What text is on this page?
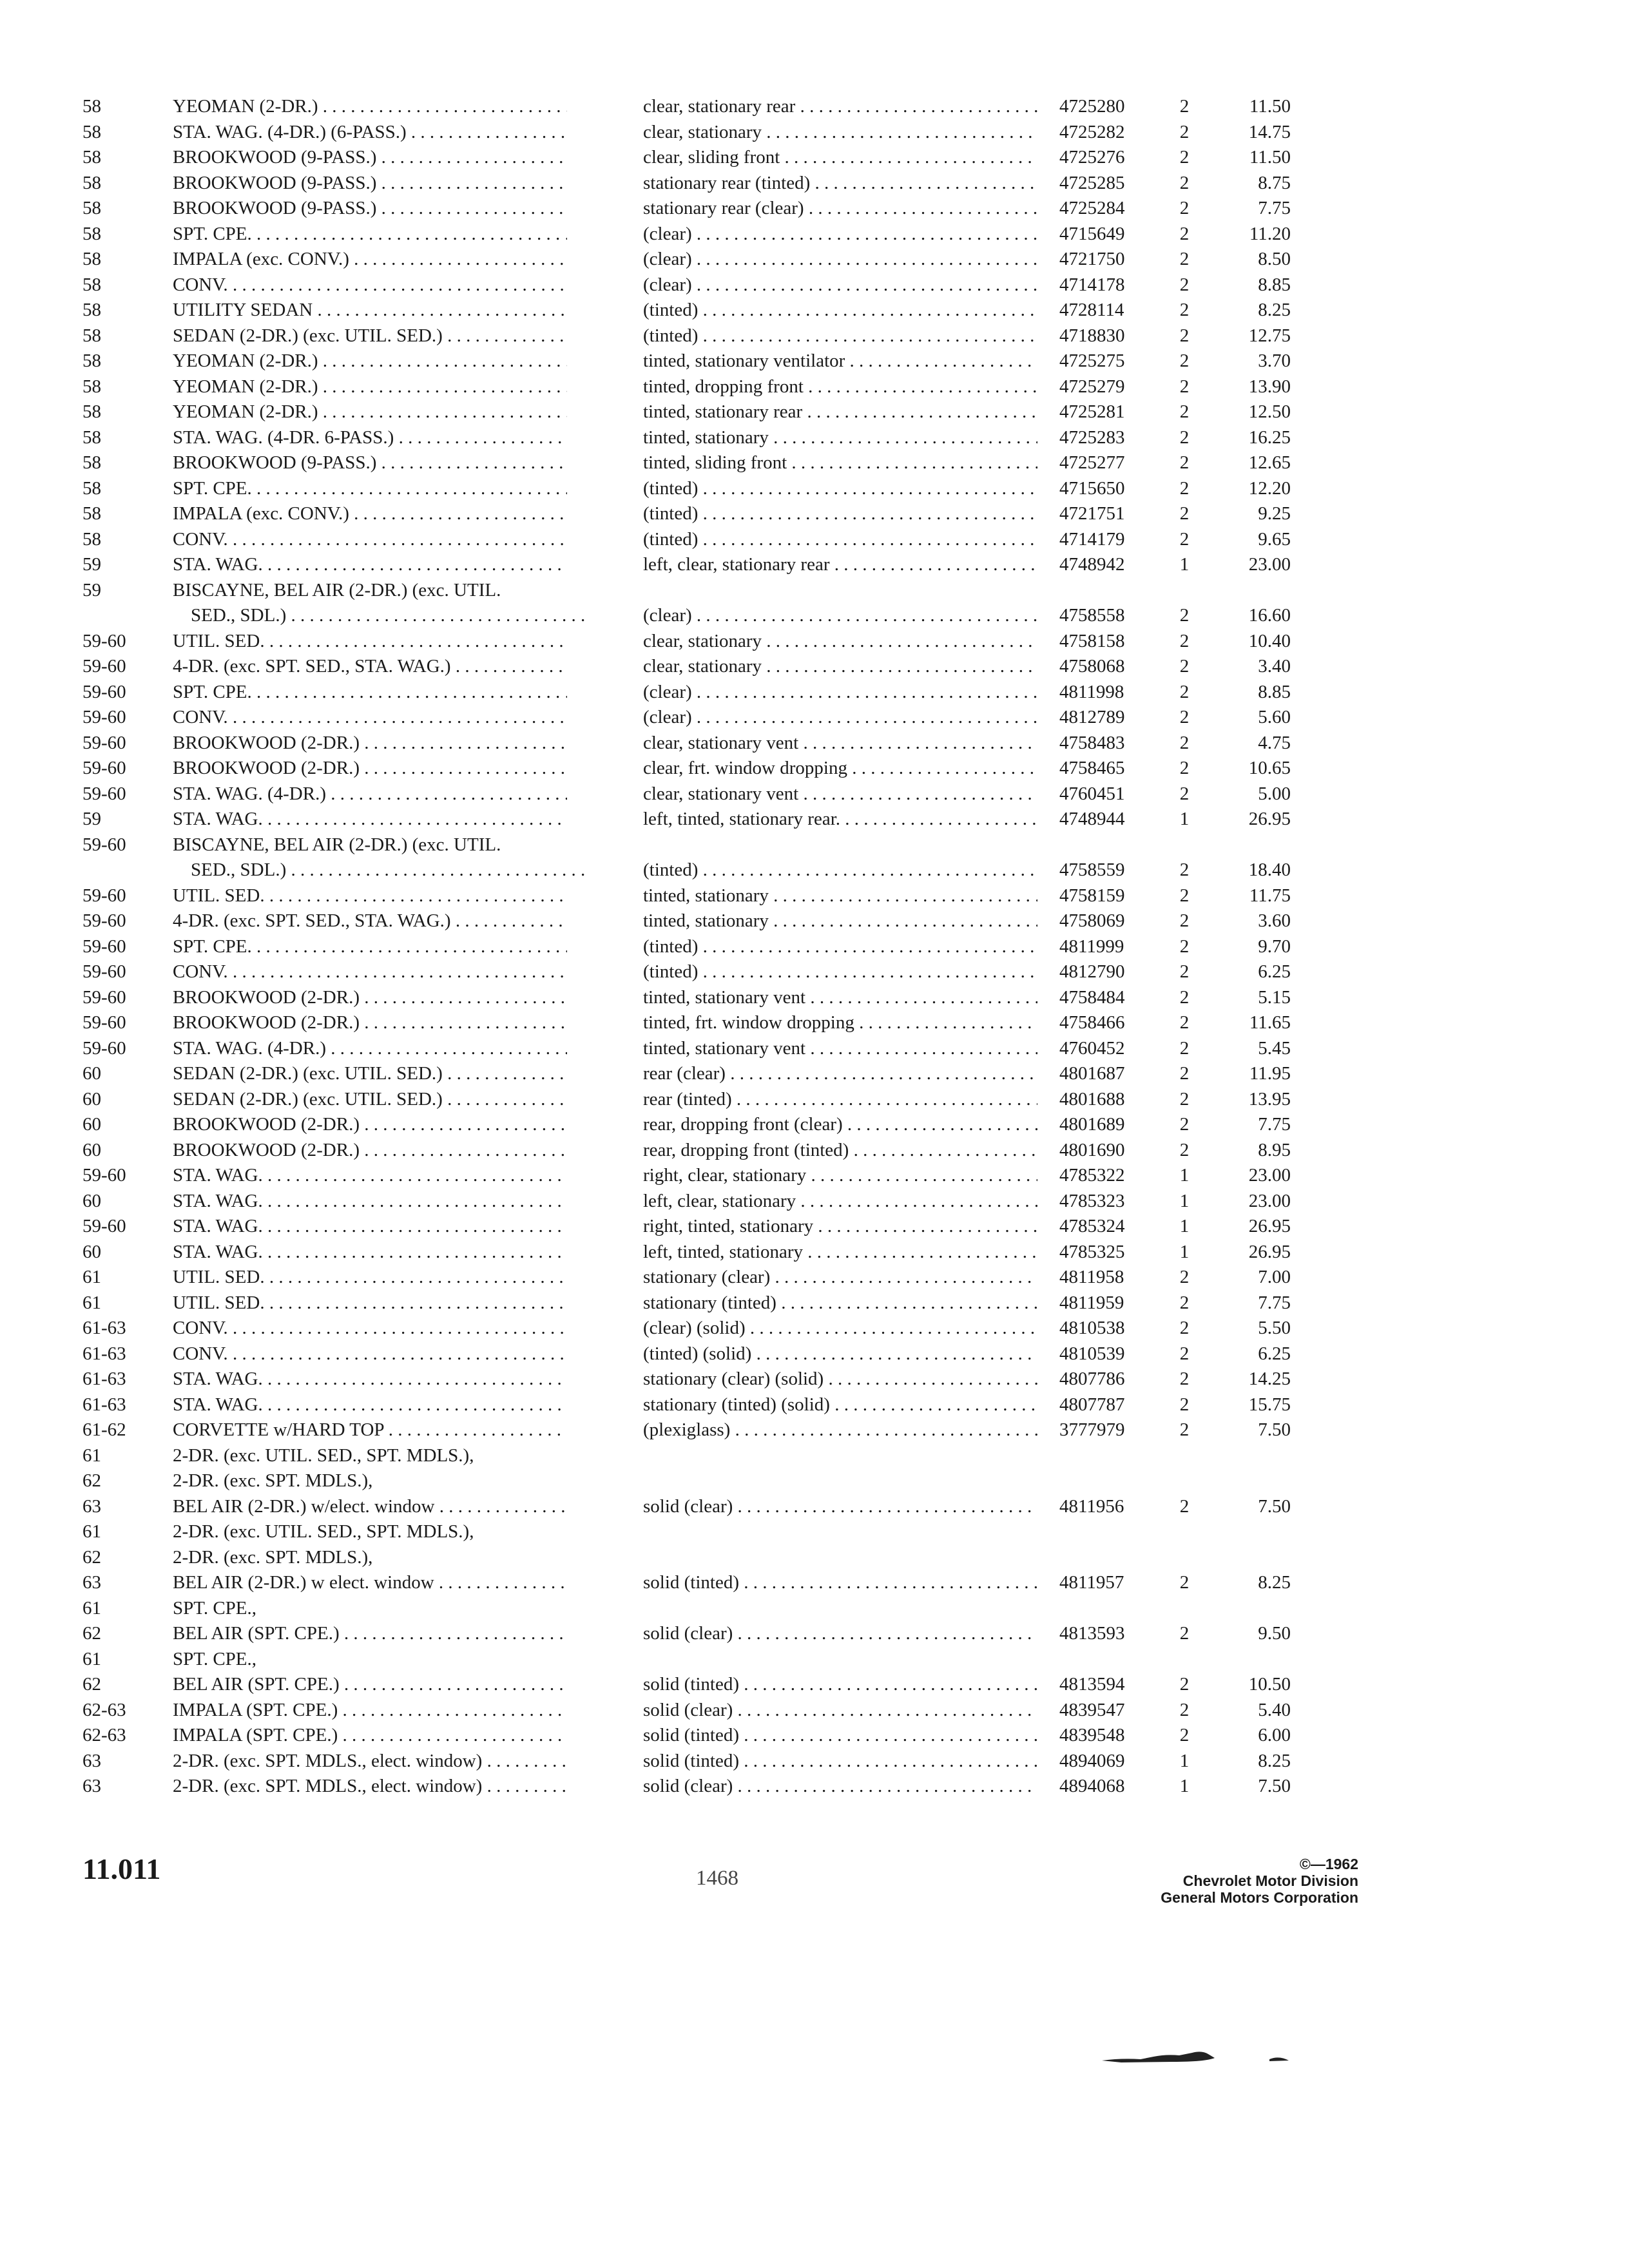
58	YEOMAN (2-DR.) . . .	clear, stationary rear . . .	4725280	2	11.50
58	STA. WAG. (4-DR.) (6-PASS.) . . .	clear, stationary . . .	4725282	2	14.75
58	BROOKWOOD (9-PASS.) . . .	clear, sliding front . . .	4725276	2	11.50
58	BROOKWOOD (9-PASS.) . . .	stationary rear (tinted) . . .	4725285	2	8.75
58	BROOKWOOD (9-PASS.) . . .	stationary rear (clear) . . .	4725284	2	7.75
58	SPT. CPE. . . .	(clear) . . .	4715649	2	11.20
58	IMPALA (exc. CONV.) . . .	(clear) . . .	4721750	2	8.50
58	CONV. . . .	(clear) . . .	4714178	2	8.85
58	UTILITY SEDAN . . .	(tinted) . . .	4728114	2	8.25
58	SEDAN (2-DR.) (exc. UTIL. SED.) . . .	(tinted) . . .	4718830	2	12.75
58	YEOMAN (2-DR.) . . .	tinted, stationary ventilator . . .	4725275	2	3.70
58	YEOMAN (2-DR.) . . .	tinted, dropping front . . .	4725279	2	13.90
58	YEOMAN (2-DR.) . . .	tinted, stationary rear . . .	4725281	2	12.50
58	STA. WAG. (4-DR. 6-PASS.) . . .	tinted, stationary . . .	4725283	2	16.25
58	BROOKWOOD (9-PASS.) . . .	tinted, sliding front . . .	4725277	2	12.65
58	SPT. CPE. . . .	(tinted) . . .	4715650	2	12.20
58	IMPALA (exc. CONV.) . . .	(tinted) . . .	4721751	2	9.25
58	CONV. . . .	(tinted) . . .	4714179	2	9.65
59	STA. WAG. . . .	left, clear, stationary rear . . .	4748942	1	23.00
59	BISCAYNE, BEL AIR (2-DR.) (exc. UTIL.
SED., SDL.) . . .	(clear) . . .	4758558	2	16.60
59-60	UTIL. SED. . . .	clear, stationary . . .	4758158	2	10.40
59-60	4-DR. (exc. SPT. SED., STA. WAG.) . . .	clear, stationary . . .	4758068	2	3.40
59-60	SPT. CPE. . . .	(clear) . . .	4811998	2	8.85
59-60	CONV. . . .	(clear) . . .	4812789	2	5.60
59-60	BROOKWOOD (2-DR.) . . .	clear, stationary vent . . .	4758483	2	4.75
59-60	BROOKWOOD (2-DR.) . . .	clear, frt. window dropping . . .	4758465	2	10.65
59-60	STA. WAG. (4-DR.) . . .	clear, stationary vent . . .	4760451	2	5.00
59	STA. WAG. . . .	left, tinted, stationary rear. . . .	4748944	1	26.95
59-60	BISCAYNE, BEL AIR (2-DR.) (exc. UTIL.
SED., SDL.) . . .	(tinted) . . .	4758559	2	18.40
59-60	UTIL. SED. . . .	tinted, stationary . . .	4758159	2	11.75
59-60	4-DR. (exc. SPT. SED., STA. WAG.) . . .	tinted, stationary . . .	4758069	2	3.60
59-60	SPT. CPE. . . .	(tinted) . . .	4811999	2	9.70
59-60	CONV. . . .	(tinted) . . .	4812790	2	6.25
59-60	BROOKWOOD (2-DR.) . . .	tinted, stationary vent . . .	4758484	2	5.15
59-60	BROOKWOOD (2-DR.) . . .	tinted, frt. window dropping . . .	4758466	2	11.65
59-60	STA. WAG. (4-DR.) . . .	tinted, stationary vent . . .	4760452	2	5.45
60	SEDAN (2-DR.) (exc. UTIL. SED.) . . .	rear (clear) . . .	4801687	2	11.95
60	SEDAN (2-DR.) (exc. UTIL. SED.) . . .	rear (tinted) . . .	4801688	2	13.95
60	BROOKWOOD (2-DR.) . . .	rear, dropping front (clear) . . .	4801689	2	7.75
60	BROOKWOOD (2-DR.) . . .	rear, dropping front (tinted) . . .	4801690	2	8.95
59-60	STA. WAG. . . .	right, clear, stationary . . .	4785322	1	23.00
60	STA. WAG. . . .	left, clear, stationary . . .	4785323	1	23.00
59-60	STA. WAG. . . .	right, tinted, stationary . . .	4785324	1	26.95
60	STA. WAG. . . .	left, tinted, stationary . . .	4785325	1	26.95
61	UTIL. SED. . . .	stationary (clear) . . .	4811958	2	7.00
61	UTIL. SED. . . .	stationary (tinted) . . .	4811959	2	7.75
61-63	CONV. . . .	(clear) (solid) . . .	4810538	2	5.50
61-63	CONV. . . .	(tinted) (solid) . . .	4810539	2	6.25
61-63	STA. WAG. . . .	stationary (clear) (solid) . . .	4807786	2	14.25
61-63	STA. WAG. . . .	stationary (tinted) (solid) . . .	4807787	2	15.75
61-62	CORVETTE w/HARD TOP . . .	(plexiglass) . . .	3777979	2	7.50
61	2-DR. (exc. UTIL. SED., SPT. MDLS.),
62	2-DR. (exc. SPT. MDLS.),
63	BEL AIR (2-DR.) w/elect. window . . .	solid (clear) . . .	4811956	2	7.50
61	2-DR. (exc. UTIL. SED., SPT. MDLS.),
62	2-DR. (exc. SPT. MDLS.),
63	BEL AIR (2-DR.) w elect. window . . .	solid (tinted) . . .	4811957	2	8.25
61	SPT. CPE.,
62	BEL AIR (SPT. CPE.) . . .	solid (clear) . . .	4813593	2	9.50
61	SPT. CPE.,
62	BEL AIR (SPT. CPE.) . . .	solid (tinted) . . .	4813594	2	10.50
62-63	IMPALA (SPT. CPE.) . . .	solid (clear) . . .	4839547	2	5.40
62-63	IMPALA (SPT. CPE.) . . .	solid (tinted) . . .	4839548	2	6.00
63	2-DR. (exc. SPT. MDLS., elect. window) . . .	solid (tinted) . . .	4894069	1	8.25
63	2-DR. (exc. SPT. MDLS., elect. window) . . .	solid (clear) . . .	4894068	1	7.50
11.011	1468
©—1962
Chevrolet Motor Division
General Motors Corporation
